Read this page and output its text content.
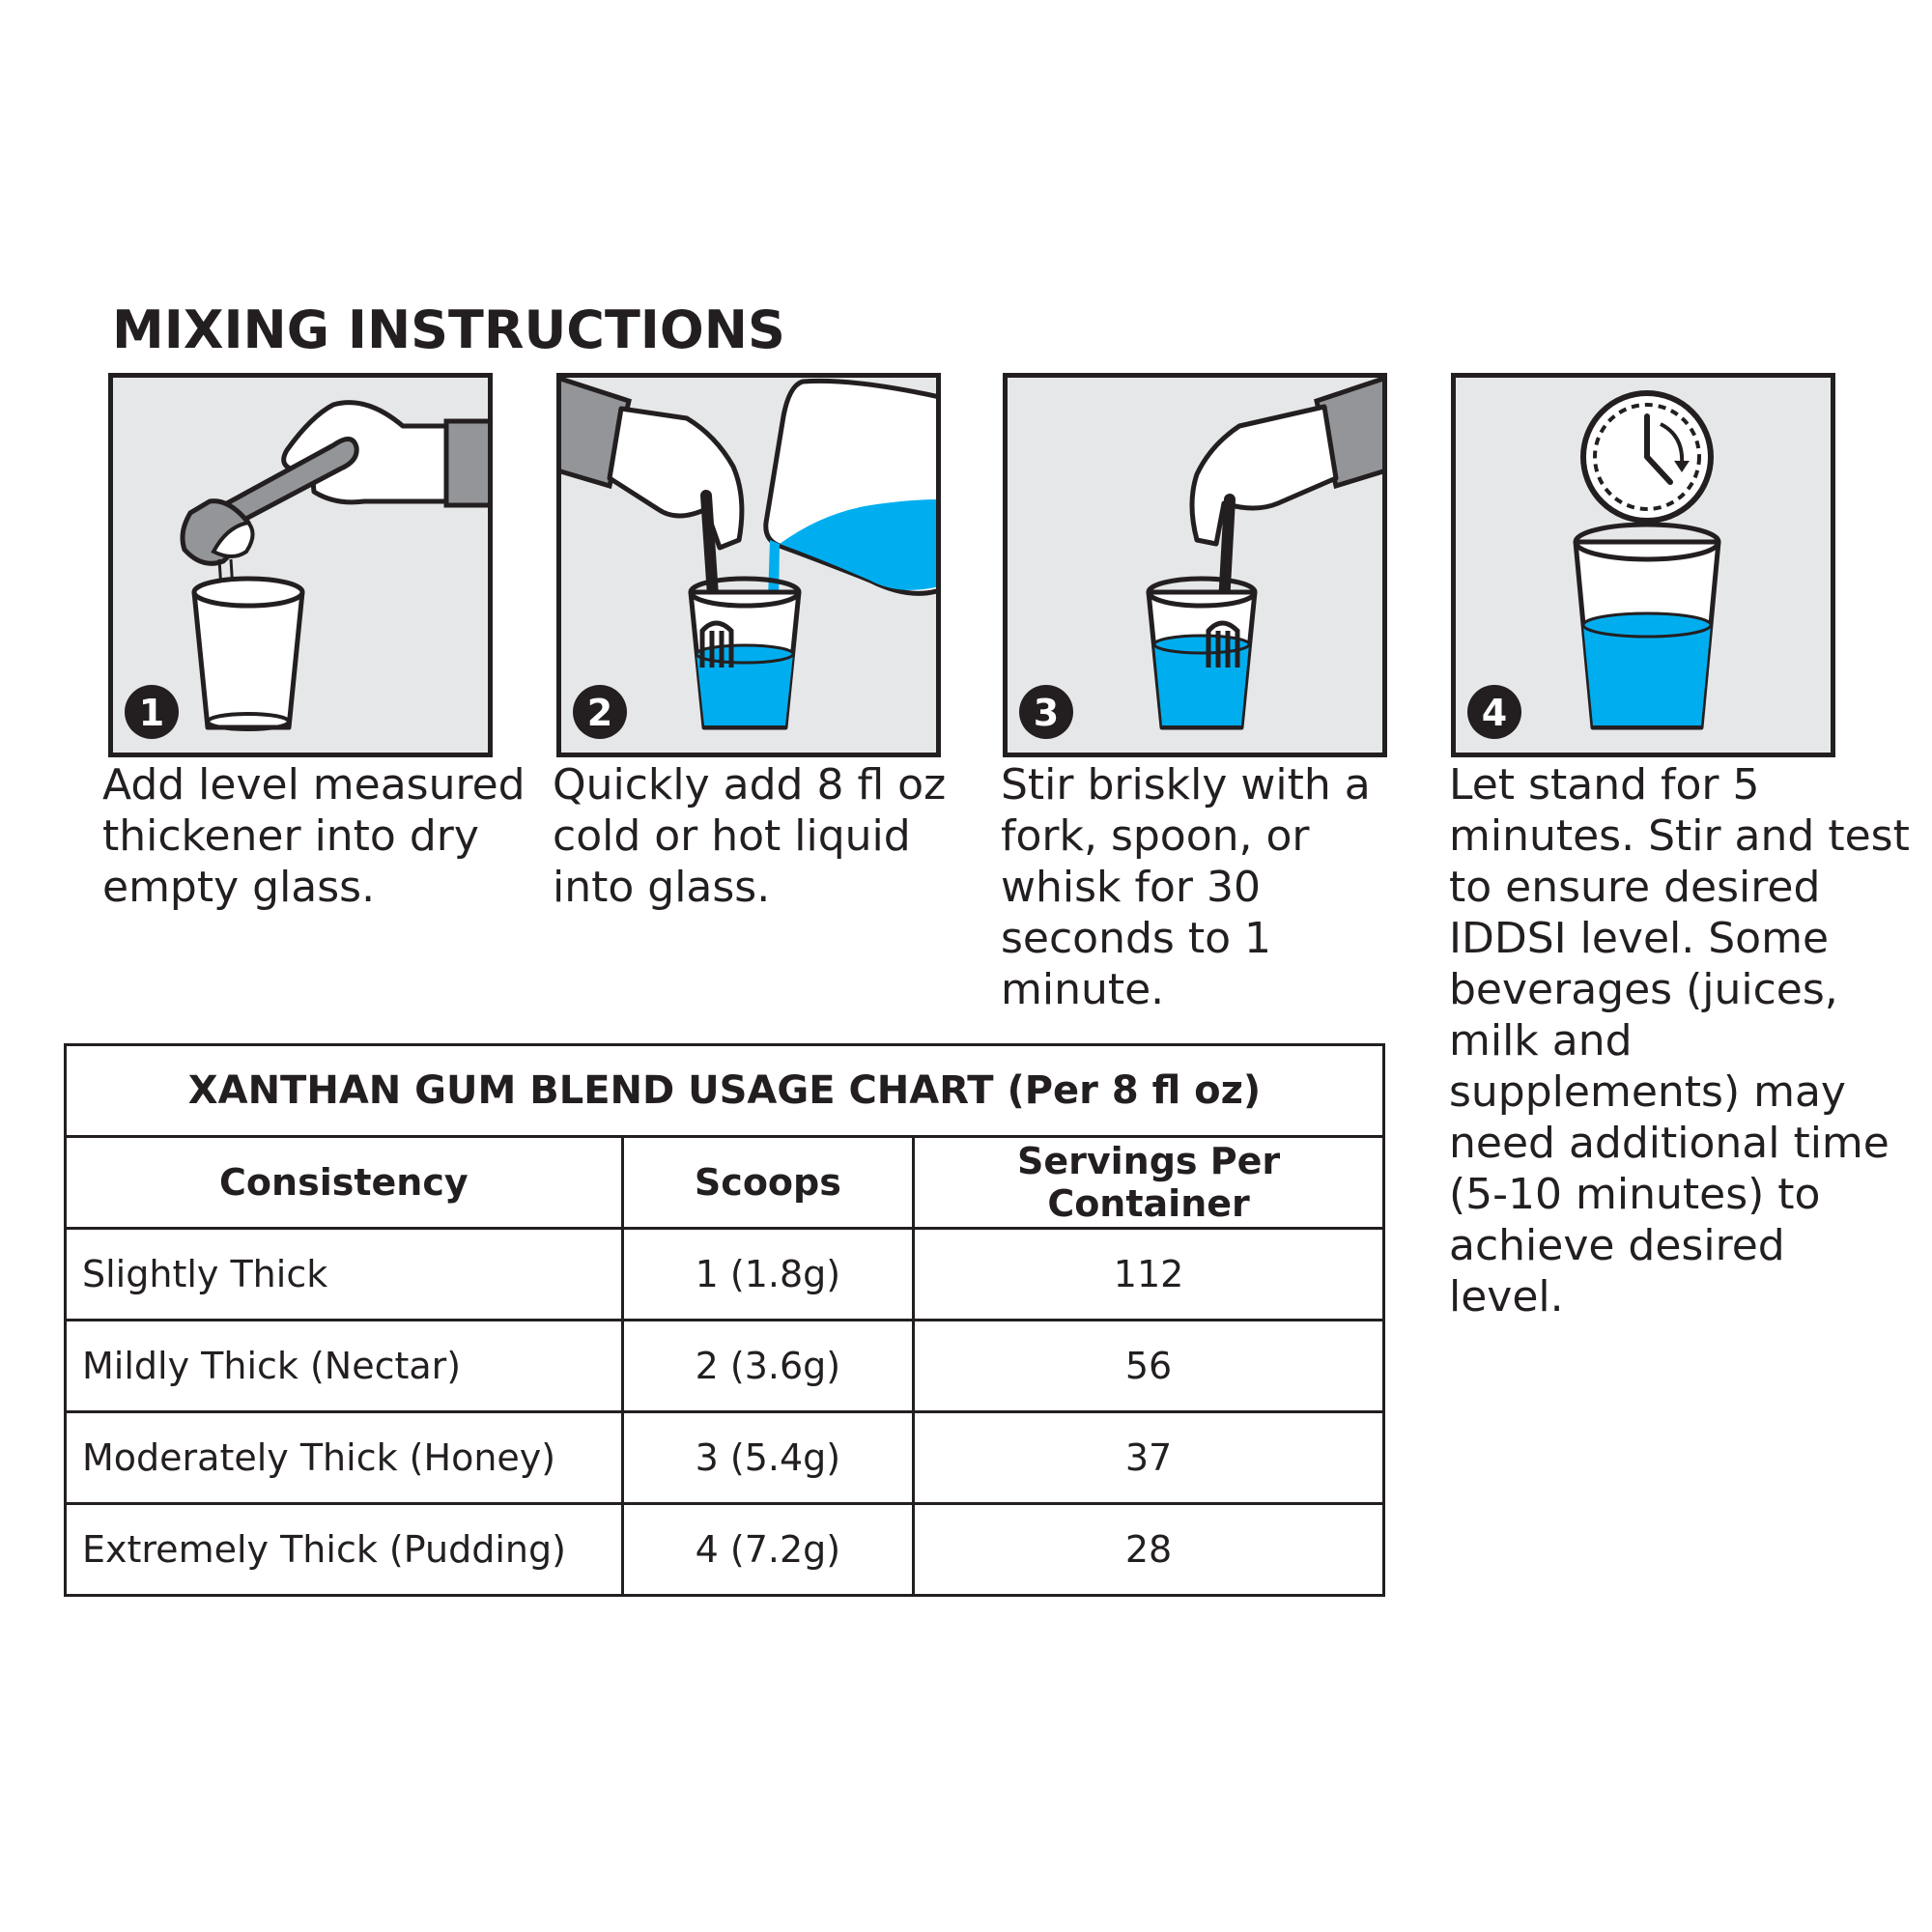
MIXING INSTRUCTIONS
1

Add level measured thickener into dry empty glass.

2

Quickly add 8 fl oz cold or hot liquid into glass.

3

Stir briskly with a fork, spoon, or whisk for 30 seconds to 1 minute.

4

Let stand for 5 minutes. Stir and test to ensure desired IDDSI level. Some beverages (juices, milk and supplements) may need additional time (5-10 minutes) to achieve desired level.

XANTHAN GUM BLEND USAGE CHART (Per 8 fl oz)		
Consistency	Scoops	Servings Per Container
Slightly Thick	1 (1.8g)	112
Mildly Thick (Nectar)	2 (3.6g)	56
Moderately Thick (Honey)	3 (5.4g)	37
Extremely Thick (Pudding)	4 (7.2g)	28
